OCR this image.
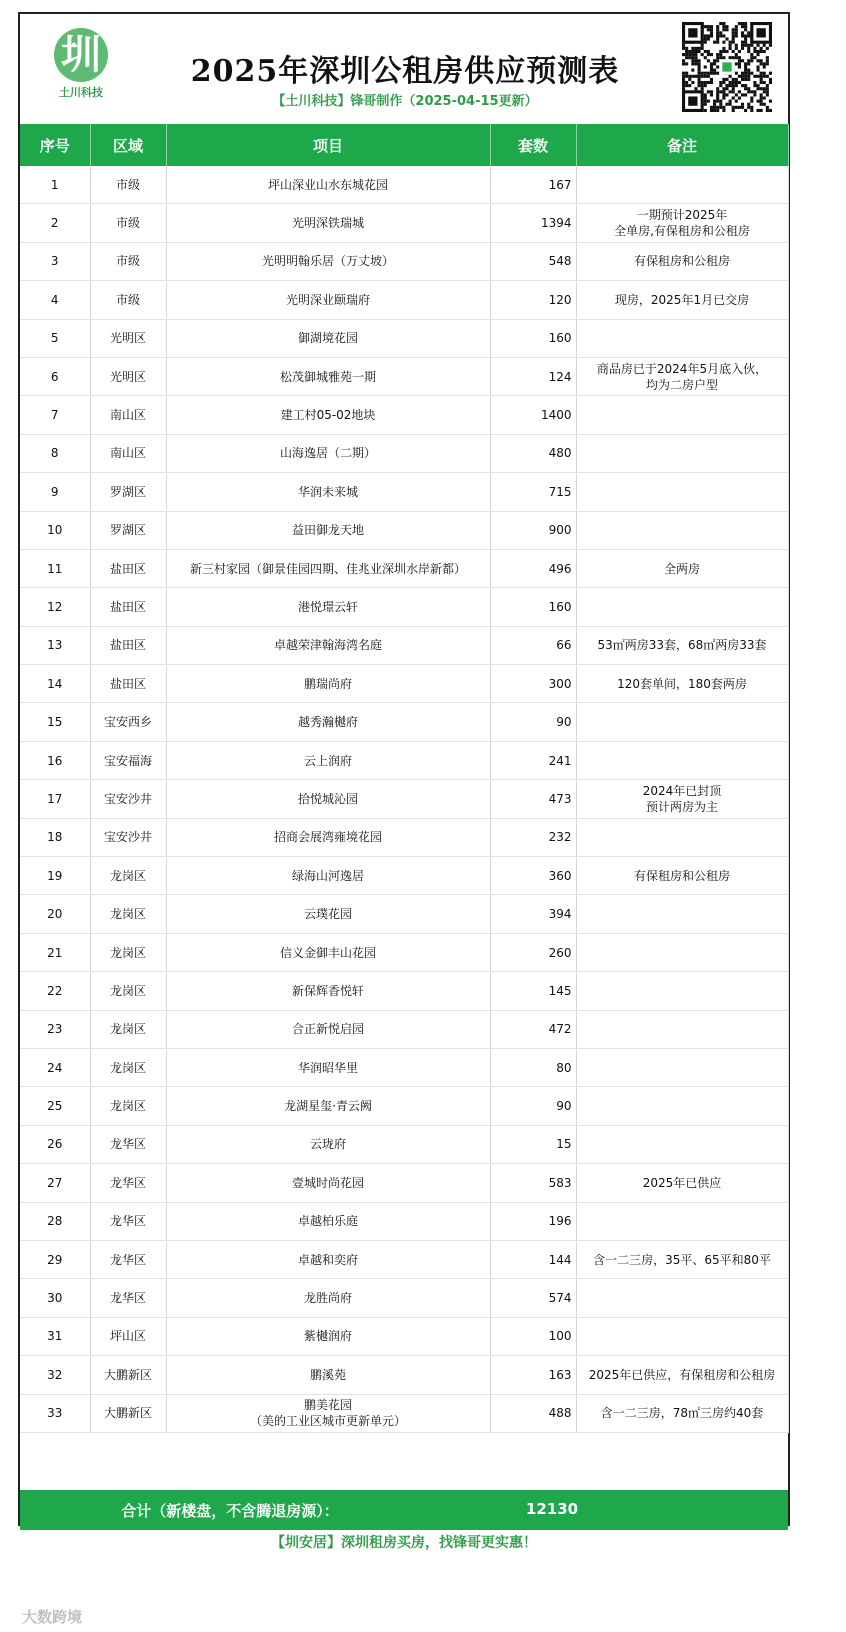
圳
土川科技
2025年深圳公租房供应预测表
【土川科技】锋哥制作（2025-04-15更新）
序号	区域	项目	套数	备注
1	市级	坪山深业山水东城花园	167	
2	市级	光明深铁瑞城	1394	一期预计2025年
全单房,有保租房和公租房
3	市级	光明明翰乐居（万丈坡）	548	有保租房和公租房
4	市级	光明深业颐瑞府	120	现房，2025年1月已交房
5	光明区	御湖境花园	160	
6	光明区	松茂御城雅苑一期	124	商品房已于2024年5月底入伙，
均为二房户型
7	南山区	建工村05-02地块	1400	
8	南山区	山海逸居（二期）	480	
9	罗湖区	华润未来城	715	
10	罗湖区	益田御龙天地	900	
11	盐田区	新三村家园（御景佳园四期、佳兆业深圳水岸新都）	496	全两房
12	盐田区	港悦璟云轩	160	
13	盐田区	卓越荣津翰海湾名庭	66	53㎡两房33套，68㎡两房33套
14	盐田区	鹏瑞尚府	300	120套单间，180套两房
15	宝安西乡	越秀瀚樾府	90	
16	宝安福海	云上润府	241	
17	宝安沙井	拾悦城沁园	473	2024年已封顶
预计两房为主
18	宝安沙井	招商会展湾雍境花园	232	
19	龙岗区	绿海山河逸居	360	有保租房和公租房
20	龙岗区	云璞花园	394	
21	龙岗区	信义金御丰山花园	260	
22	龙岗区	新保辉香悦轩	145	
23	龙岗区	合正新悦启园	472	
24	龙岗区	华润昭华里	80	
25	龙岗区	龙湖星玺·青云阙	90	
26	龙华区	云珑府	15	
27	龙华区	壹城时尚花园	583	2025年已供应
28	龙华区	卓越柏乐庭	196	
29	龙华区	卓越和奕府	144	含一二三房，35平、65平和80平
30	龙华区	龙胜尚府	574	
31	坪山区	紫樾润府	100	
32	大鹏新区	鹏溪苑	163	2025年已供应，有保租房和公租房
33	大鹏新区	鹏美花园
（美的工业区城市更新单元）	488	含一二三房，78㎡三房约40套
合计（新楼盘，不含腾退房源）：	12130
【圳安居】深圳租房买房，找锋哥更实惠！
大数跨境
